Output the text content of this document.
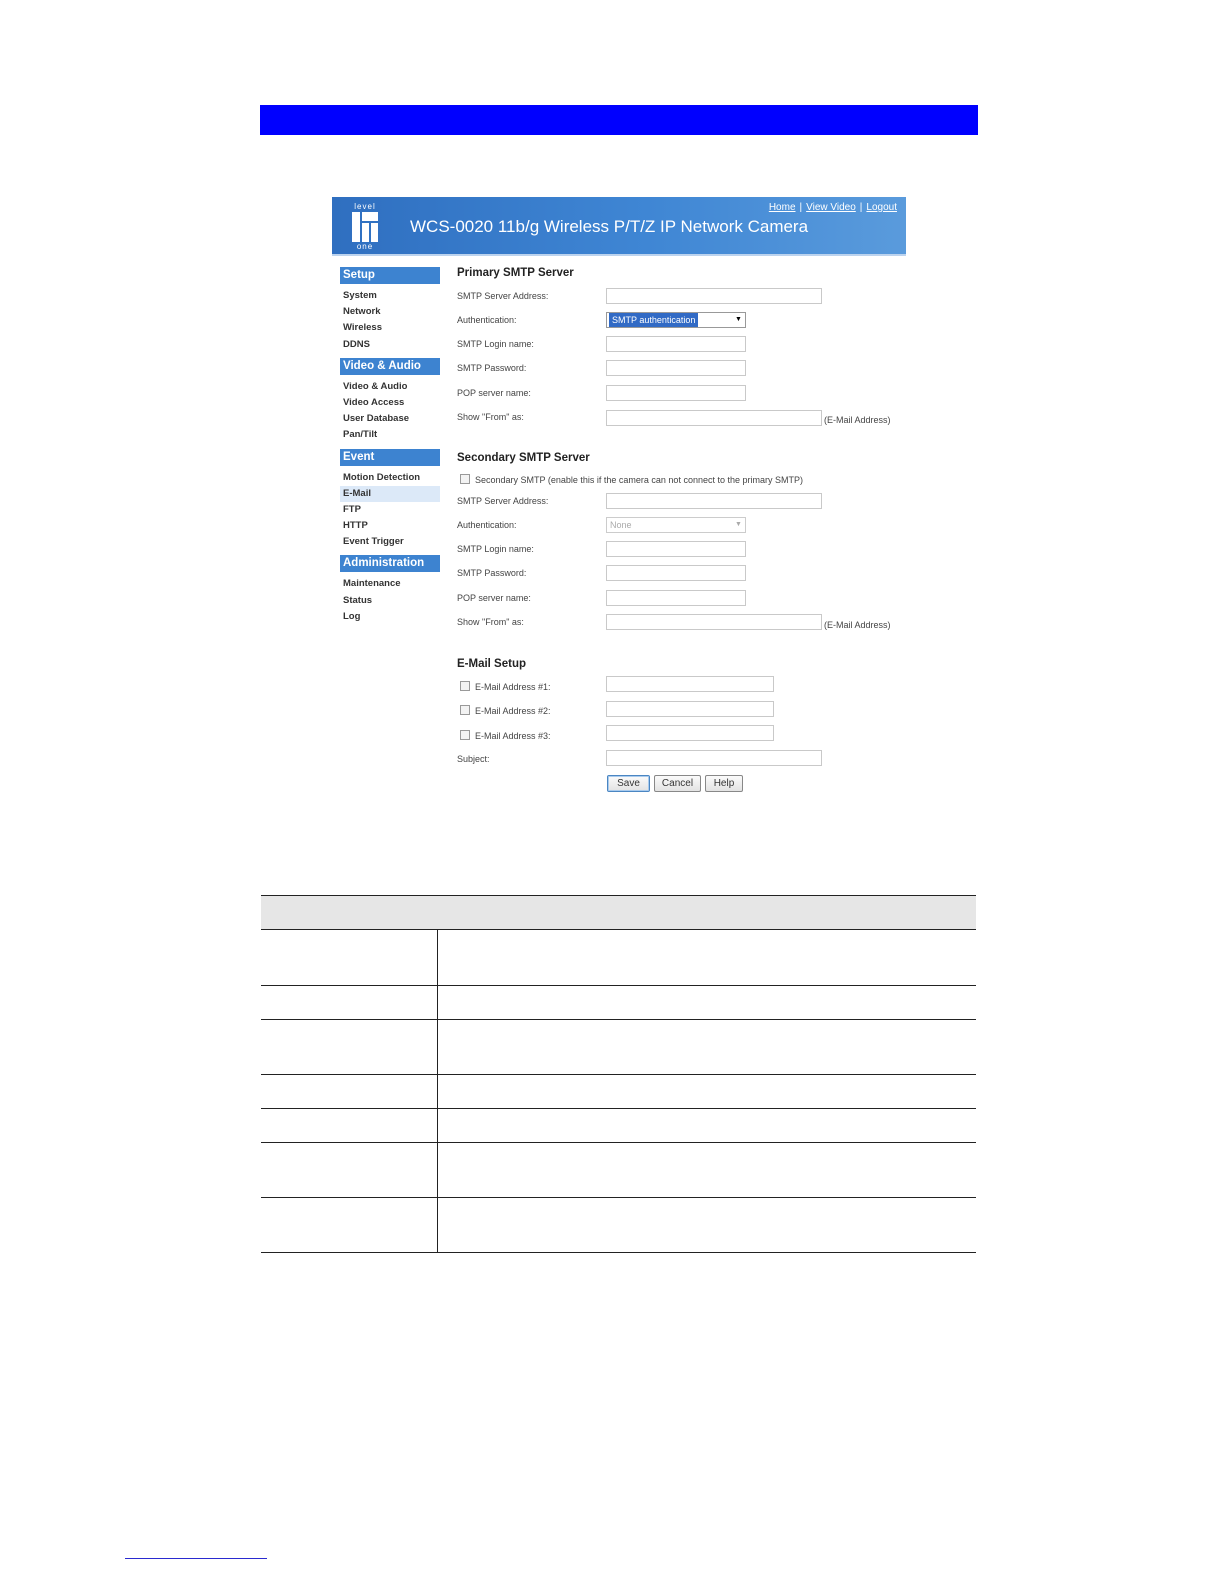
level
one
WCS-0020 11b/g Wireless P/T/Z IP Network Camera
Home | View Video | Logout
Setup
System
Network
Wireless
DDNS
Video & Audio
Video & Audio
Video Access
User Database
Pan/Tilt
Event
Motion Detection
E-Mail
FTP
HTTP
Event Trigger
Administration
Maintenance
Status
Log
Primary SMTP Server
SMTP Server Address:
Authentication:	SMTP authentication	▼
SMTP Login name:
SMTP Password:
POP server name:
Show "From" as:	(E-Mail Address)
Secondary SMTP Server
Secondary SMTP (enable this if the camera can not connect to the primary SMTP)
SMTP Server Address:
Authentication:	None	▼
SMTP Login name:
SMTP Password:
POP server name:
Show "From" as:	(E-Mail Address)
E-Mail Setup
E-Mail Address #1:
E-Mail Address #2:
E-Mail Address #3:
Subject:
Save	Cancel	Help
